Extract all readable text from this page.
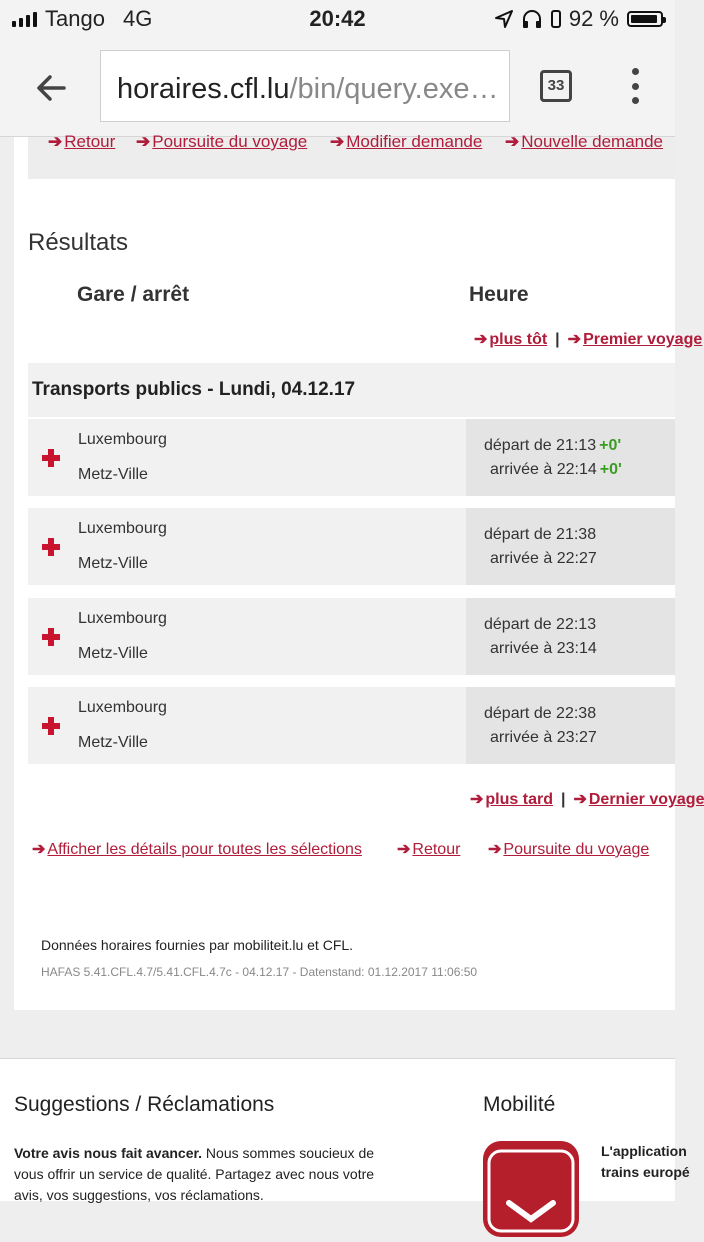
Tango 4G	20:42	92 %
horaires.cfl.lu/bin/query.exe…	33
➔ Retour ➔ Poursuite du voyage ➔ Modifier demande ➔ Nouvelle demande
Résultats
Gare / arrêt	Heure
➔ plus tôt | ➔ Premier voyage
Transports publics - Lundi, 04.12.17
Luxembourg
Metz-Ville
départ de 21:13 +0'
arrivée à 22:14 +0'
Luxembourg
Metz-Ville
départ de 21:38
arrivée à 22:27
Luxembourg
Metz-Ville
départ de 22:13
arrivée à 23:14
Luxembourg
Metz-Ville
départ de 22:38
arrivée à 23:27
➔ plus tard | ➔ Dernier voyage
➔ Afficher les détails pour toutes les sélections ➔ Retour ➔ Poursuite du voyage
Données horaires fournies par mobiliteit.lu et CFL.
HAFAS 5.41.CFL.4.7/5.41.CFL.4.7c - 04.12.17 - Datenstand: 01.12.2017 11:06:50
Suggestions / Réclamations	Mobilité
Votre avis nous fait avancer. Nous sommes soucieux de vous offrir un service de qualité. Partagez avec nous votre avis, vos suggestions, vos réclamations.
L'application
trains europé
